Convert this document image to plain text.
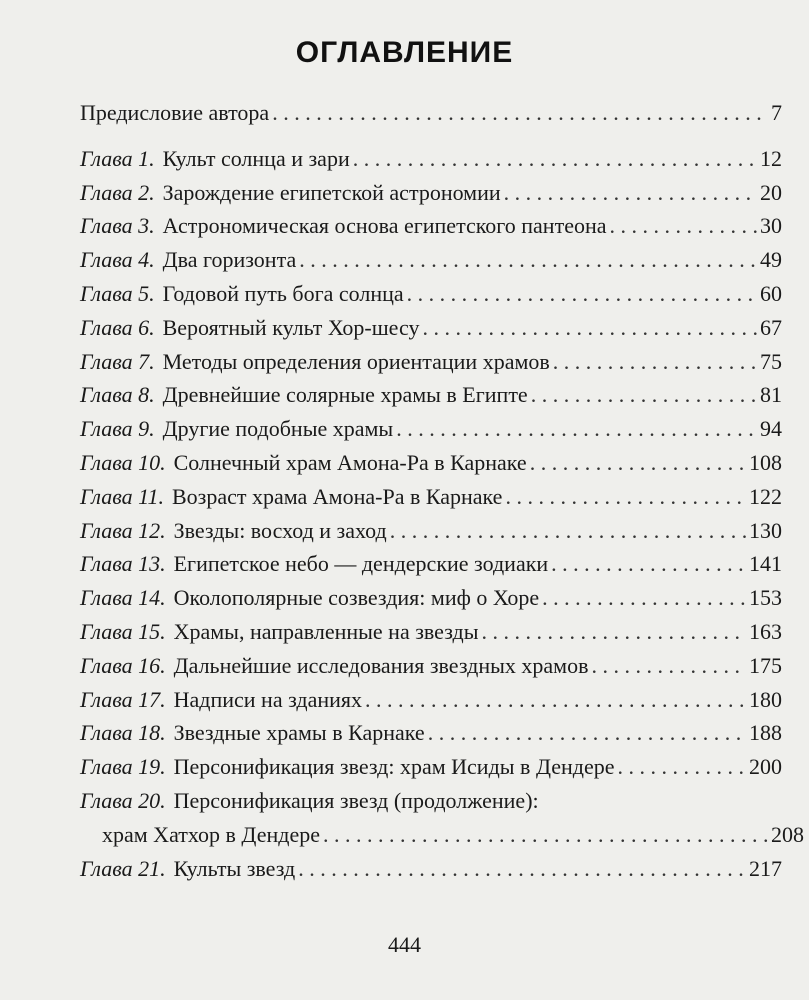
ОГЛАВЛЕНИЕ
Предисловие автора . . .	7
Глава 1. Культ солнца и зари . . .	12
Глава 2. Зарождение египетской астрономии . . .	20
Глава 3. Астрономическая основа египетского пантеона . . .	30
Глава 4. Два горизонта . . .	49
Глава 5. Годовой путь бога солнца . . .	60
Глава 6. Вероятный культ Хор-шесу . . .	67
Глава 7. Методы определения ориентации храмов . . .	75
Глава 8. Древнейшие солярные храмы в Египте . . .	81
Глава 9. Другие подобные храмы . . .	94
Глава 10. Солнечный храм Амона-Ра в Карнаке . . .	108
Глава 11. Возраст храма Амона-Ра в Карнаке . . .	122
Глава 12. Звезды: восход и заход . . .	130
Глава 13. Египетское небо — дендерские зодиаки . . .	141
Глава 14. Околополярные созвездия: миф о Хоре . . .	153
Глава 15. Храмы, направленные на звезды . . .	163
Глава 16. Дальнейшие исследования звездных храмов . . .	175
Глава 17. Надписи на зданиях . . .	180
Глава 18. Звездные храмы в Карнаке . . .	188
Глава 19. Персонификация звезд: храм Исиды в Дендере . . .	200
Глава 20. Персонификация звезд (продолжение):
храм Хатхор в Дендере . . .	208
Глава 21. Культы звезд . . .	217
444
